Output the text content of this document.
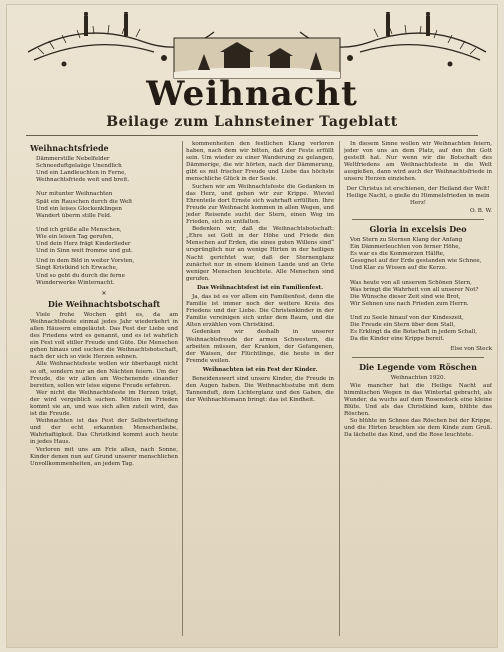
Weihnacht
Beilage zum Lahnsteiner Tageblatt
Weihnachtsfriede
Dämmerstille Nebelfelder
Schneeduftgelaüge Unendlich
Und ein Landleuchten in Ferne,
Weihnachtsfriede weit und breit.

Nur mitunter Weihnachten
Spät ein Rauschen durch die Welt
Und ein leises Glockenklingen
Wandert überm stille Feld.

Und ich grüße alle Menschen,
Wie ein leisen Tag gerufen,
Und dein Herz frägt Kinderlieder
Und in Sinn weit fromme und gut.
Und in dem Bild in weiter Vorsten,
Singt Kristkind ich Erwache,
Und so gebt du durch die ferne
Wunderwerke Winternacht.
✕
Die Weihnachtsbotschaft

Viele frohe Wochen gibt es, da am Weihnachtsfeste einmal jedes Jahr wiederkehrt in allen Häusern eingeläutet. Das Fest der Liebe und des Friedens wird es genannt, und es ist wahrlich ein Fest voll stiller Freude und Güte. Die Menschen gehen hinaus und suchen die Weihnachtsbotschaft, nach der sich so viele Herzen sehnen.

Alle Weihnachtsfeste wollen wir überhaupt nicht so oft, sondern nur an den Nächten feiern. Um der Freude, die wir allen am Wochenende einander bereiten, sollen wir leise eigene Freude erfahren.

Wer nicht die Weihnachtsfeste im Herzen trägt, der wird vergeblich suchen. Mitten im Frieden kommt sie an, und was sich allen zuteil wird, das ist die Freude.

Weihnachten ist das Fest der Selbstvertiefung und der echt erkannten Menschenliebe, Wahrhaftigkeit. Das Christkind kommt auch heute in jedes Haus.

Verloren mit uns am Frie allen, nach Sonne, Kinder denen nun auf Grund unserer menschlichen Unvollkommenheiten, an jedem Tag.

kommenheiten den festlichen Klang verloren haben, nach dem wir bitten, daß der Feste erfüllt sein. Um wieder zu einer Wanderung zu gelangen, Dämmerige, die wir hörten, nach der Dämmerung, gibt es mit frischer Freude und Liebe das höchste menschliche Glück in der Seele.

Suchen wir am Weihnachtsfeste die Gedanken in das Herz, und gehen wir zur Krippe. Wieviel Ehrenteile dort Ernste sich wahrhaft erfüllten. Ihre Freude zur Weihnacht kommen in allen Wegen, und jeder Reisende sucht der Stern, einen Weg im Frieden, sich zu entfalten.

Bedenken wir, daß die Weihnachtsbotschaft: „Ehre sei Gott in der Höhe und Friede den Menschen auf Erden, die eines guten Willens sind“ ursprünglich nur an wenige Hirten in der heiligen Nacht gerichtet war, daß der Sternenglanz zunächst nur in einem kleinen Lande und an Orte weniger Menschen leuchtete. Alle Menschen sind gerufen.

Das Weihnachtsfest ist ein Familienfest.

Ja, das ist es vor allem ein Familienfest, denn die Familie ist immer noch der weitere Kreis des Friedens und der Liebe. Die Christenkinder in der Familie vereinigen sich unter dem Baum, und die Alten erzählen vom Christkind.

Gedenken wir deshalb in unserer Weihnachtsfreude der armen Schwestern, die arbeiten müssen, der Kranken, der Gefangenen, der Waisen, der Flüchtlinge, die heute in der Fremde weilen.

Weihnachten ist ein Fest der Kinder.

Beneidenswert sind unsere Kinder, die Freude in den Augen haben. Die Weihnachtsstube mit dem Tannenduft, dem Lichterglanz und den Gaben, die der Weihnachtsmann bringt: das ist Kindheit.

In diesem Sinne wollen wir Weihnachten feiern, jeder von uns an dem Platz, auf den ihn Gott gestellt hat. Nur wenn wir die Botschaft des Weltfriedens am Weihnachtsfeste in die Welt ausgießen, dann wird auch der Weihnachtsfriede in unsere Herzen einziehen.

Der Christus ist erschienen, der Heiland der Welt! Heilige Nacht, o gieße du Himmelsfrieden in mein Herz!

O. B. W.
Gloria in excelsis Deo
Von Stern zu Sternen Klang der Anfang
Ein Dämmerleuchten von ferner Höhe,
Es war es die Kommerzen Hälfte,
Gesegnet auf der Erde gestanden wie Schnee,
Und Klar zu Wissen auf die Kerze.

Was heute von all unserem Schönen Stern,
Was bringt die Wahrheit von all unserer Not?
Die Wünsche dieser Zeit sind wie Brot,
Wir Sehnen uns nach Frieden zum Herrn.

Und zu Seele hinauf von der Kindeszeit,
Die Freude ein Stern über dem Stall,
Es Erklingt da die Botschaft in jedem Schall,
Da die Kinder eine Krippe bereit.
Else von Steck
Die Legende vom Röschen

Weihnachten 1920.

Wie mancher hat die Heilige Nacht auf himmlischen Wegen in das Wintertal gebracht, als Wunder, da wuchs auf dem Rosenstock eine kleine Blüte. Und als das Christkind kam, blühte das Röschen.

So blühte im Schnee das Röschen bei der Krippe, und die Hirten brachten sie dem Kinde zum Gruß. Da lächelte das Kind, und die Rose leuchtete.
